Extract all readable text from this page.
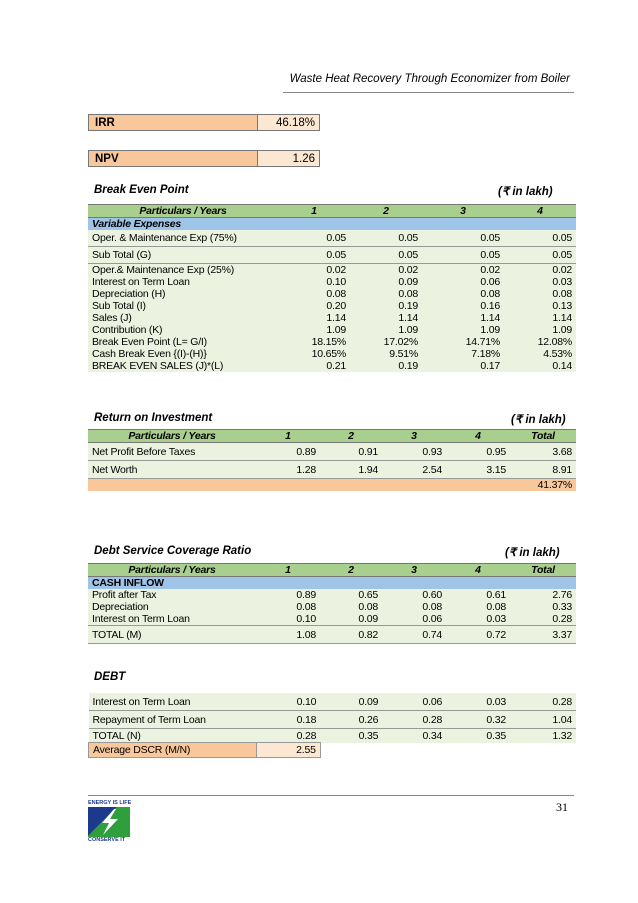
Waste Heat Recovery Through Economizer from Boiler
IRR	46.18%
NPV	1.26
Break Even Point	(₹ in lakh)
Particulars / Years	1	2	3	4
Variable Expenses				
Oper. & Maintenance Exp (75%)	0.05	0.05	0.05	0.05
Sub Total (G)	0.05	0.05	0.05	0.05
Oper.& Maintenance Exp (25%)	0.02	0.02	0.02	0.02
Interest on Term Loan	0.10	0.09	0.06	0.03
Depreciation (H)	0.08	0.08	0.08	0.08
Sub Total (I)	0.20	0.19	0.16	0.13
Sales (J)	1.14	1.14	1.14	1.14
Contribution (K)	1.09	1.09	1.09	1.09
Break Even Point (L= G/I)	18.15%	17.02%	14.71%	12.08%
Cash Break Even {(I)-(H)}	10.65%	9.51%	7.18%	4.53%
BREAK EVEN SALES (J)*(L)	0.21	0.19	0.17	0.14
Return on Investment	(₹ in lakh)
Particulars / Years	1	2	3	4	Total
Net Profit Before Taxes	0.89	0.91	0.93	0.95	3.68
Net Worth	1.28	1.94	2.54	3.15	8.91
					41.37%
Debt Service Coverage Ratio	(₹ in lakh)
Particulars / Years	1	2	3	4	Total
CASH INFLOW					
Profit after Tax	0.89	0.65	0.60	0.61	2.76
Depreciation	0.08	0.08	0.08	0.08	0.33
Interest on Term Loan	0.10	0.09	0.06	0.03	0.28
TOTAL (M)	1.08	0.82	0.74	0.72	3.37
DEBT
Interest on Term Loan	0.10	0.09	0.06	0.03	0.28
Repayment of Term Loan	0.18	0.26	0.28	0.32	1.04
TOTAL (N)	0.28	0.35	0.34	0.35	1.32
Average DSCR (M/N)	2.55				
ENERGY IS LIFE
CONSERVE IT
31
